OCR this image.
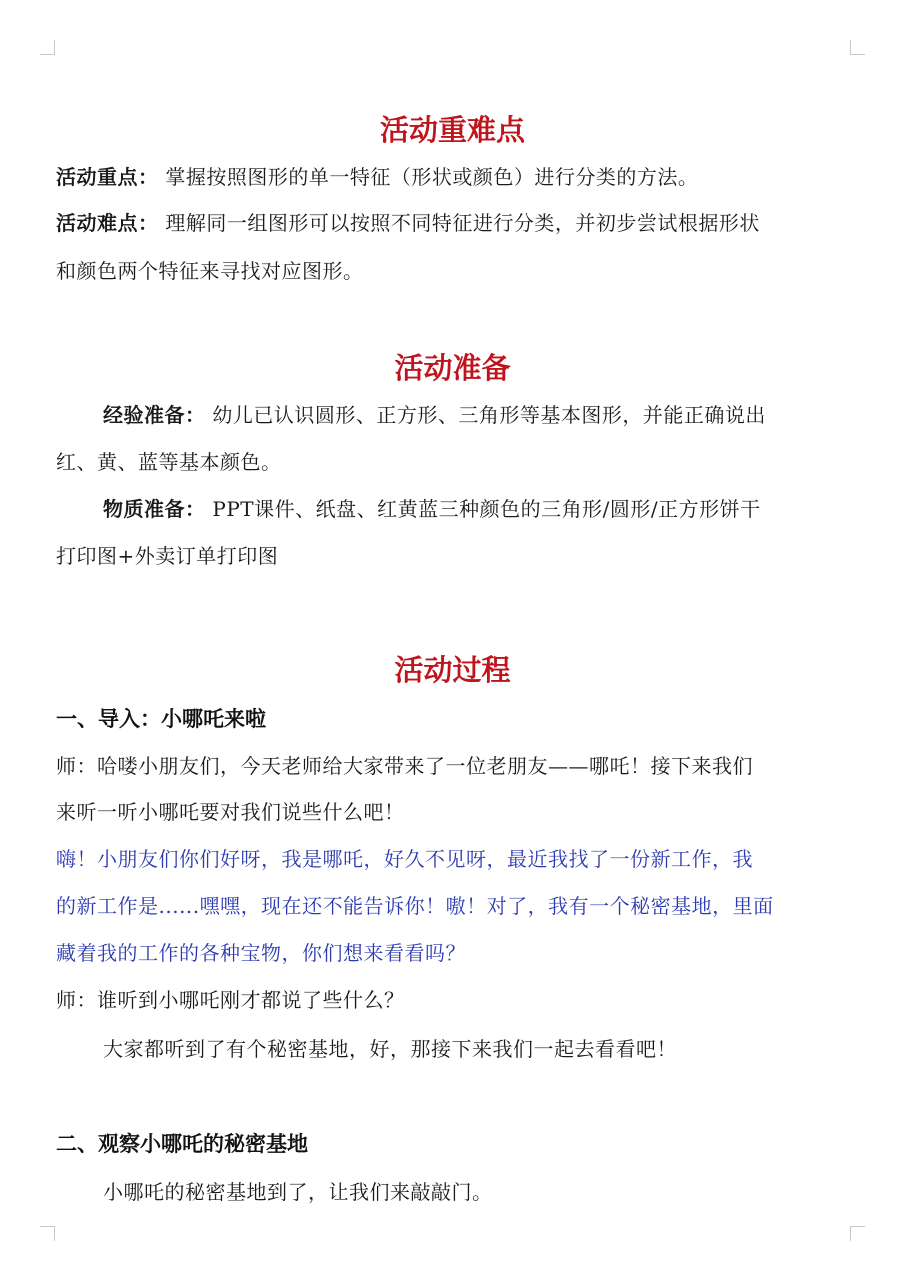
活动重难点
活动重点： 掌握按照图形的单一特征（形状或颜色）进行分类的方法。
活动难点： 理解同一组图形可以按照不同特征进行分类，并初步尝试根据形状
和颜色两个特征来寻找对应图形。
活动准备
经验准备： 幼儿已认识圆形、正方形、三角形等基本图形，并能正确说出
红、黄、蓝等基本颜色。
物质准备： PPT课件、纸盘、红黄蓝三种颜色的三角形/圆形/正方形饼干
打印图+外卖订单打印图
活动过程
一、导入：小哪吒来啦
师：哈喽小朋友们，今天老师给大家带来了一位老朋友——哪吒！接下来我们
来听一听小哪吒要对我们说些什么吧！
嗨！小朋友们你们好呀，我是哪吒，好久不见呀，最近我找了一份新工作，我
的新工作是......嘿嘿，现在还不能告诉你！嗷！对了，我有一个秘密基地，里面
藏着我的工作的各种宝物，你们想来看看吗？
师：谁听到小哪吒刚才都说了些什么？
大家都听到了有个秘密基地，好，那接下来我们一起去看看吧！
二、观察小哪吒的秘密基地
小哪吒的秘密基地到了，让我们来敲敲门。
